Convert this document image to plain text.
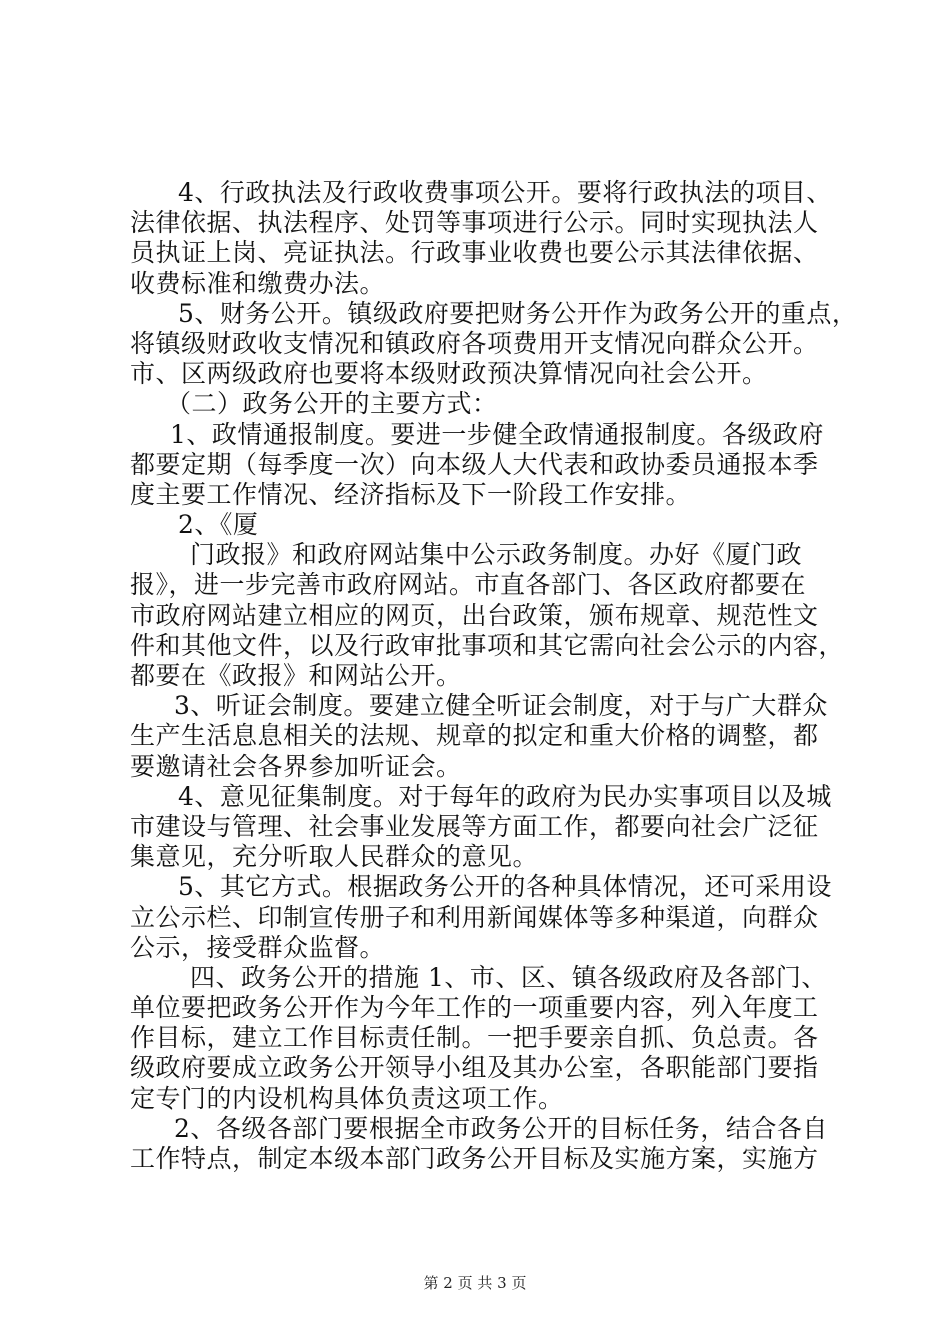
4、行政执法及行政收费事项公开。要将行政执法的项目、
法律依据、执法程序、处罚等事项进行公示。同时实现执法人
员执证上岗、亮证执法。行政事业收费也要公示其法律依据、
收费标准和缴费办法。
5、财务公开。镇级政府要把财务公开作为政务公开的重点，
将镇级财政收支情况和镇政府各项费用开支情况向群众公开。
市、区两级政府也要将本级财政预决算情况向社会公开。
（二）政务公开的主要方式：
1、政情通报制度。要进一步健全政情通报制度。各级政府
都要定期（每季度一次）向本级人大代表和政协委员通报本季
度主要工作情况、经济指标及下一阶段工作安排。
2、《厦
门政报》和政府网站集中公示政务制度。办好《厦门政
报》，进一步完善市政府网站。市直各部门、各区政府都要在
市政府网站建立相应的网页，出台政策，颁布规章、规范性文
件和其他文件，以及行政审批事项和其它需向社会公示的内容，
都要在《政报》和网站公开。
3、听证会制度。要建立健全听证会制度，对于与广大群众
生产生活息息相关的法规、规章的拟定和重大价格的调整，都
要邀请社会各界参加听证会。
4、意见征集制度。对于每年的政府为民办实事项目以及城
市建设与管理、社会事业发展等方面工作，都要向社会广泛征
集意见，充分听取人民群众的意见。
5、其它方式。根据政务公开的各种具体情况，还可采用设
立公示栏、印制宣传册子和利用新闻媒体等多种渠道，向群众
公示，接受群众监督。
四、政务公开的措施 1、市、区、镇各级政府及各部门、
单位要把政务公开作为今年工作的一项重要内容，列入年度工
作目标，建立工作目标责任制。一把手要亲自抓、负总责。各
级政府要成立政务公开领导小组及其办公室，各职能部门要指
定专门的内设机构具体负责这项工作。
2、各级各部门要根据全市政务公开的目标任务，结合各自
工作特点，制定本级本部门政务公开目标及实施方案，实施方
第 2 页 共 3 页
